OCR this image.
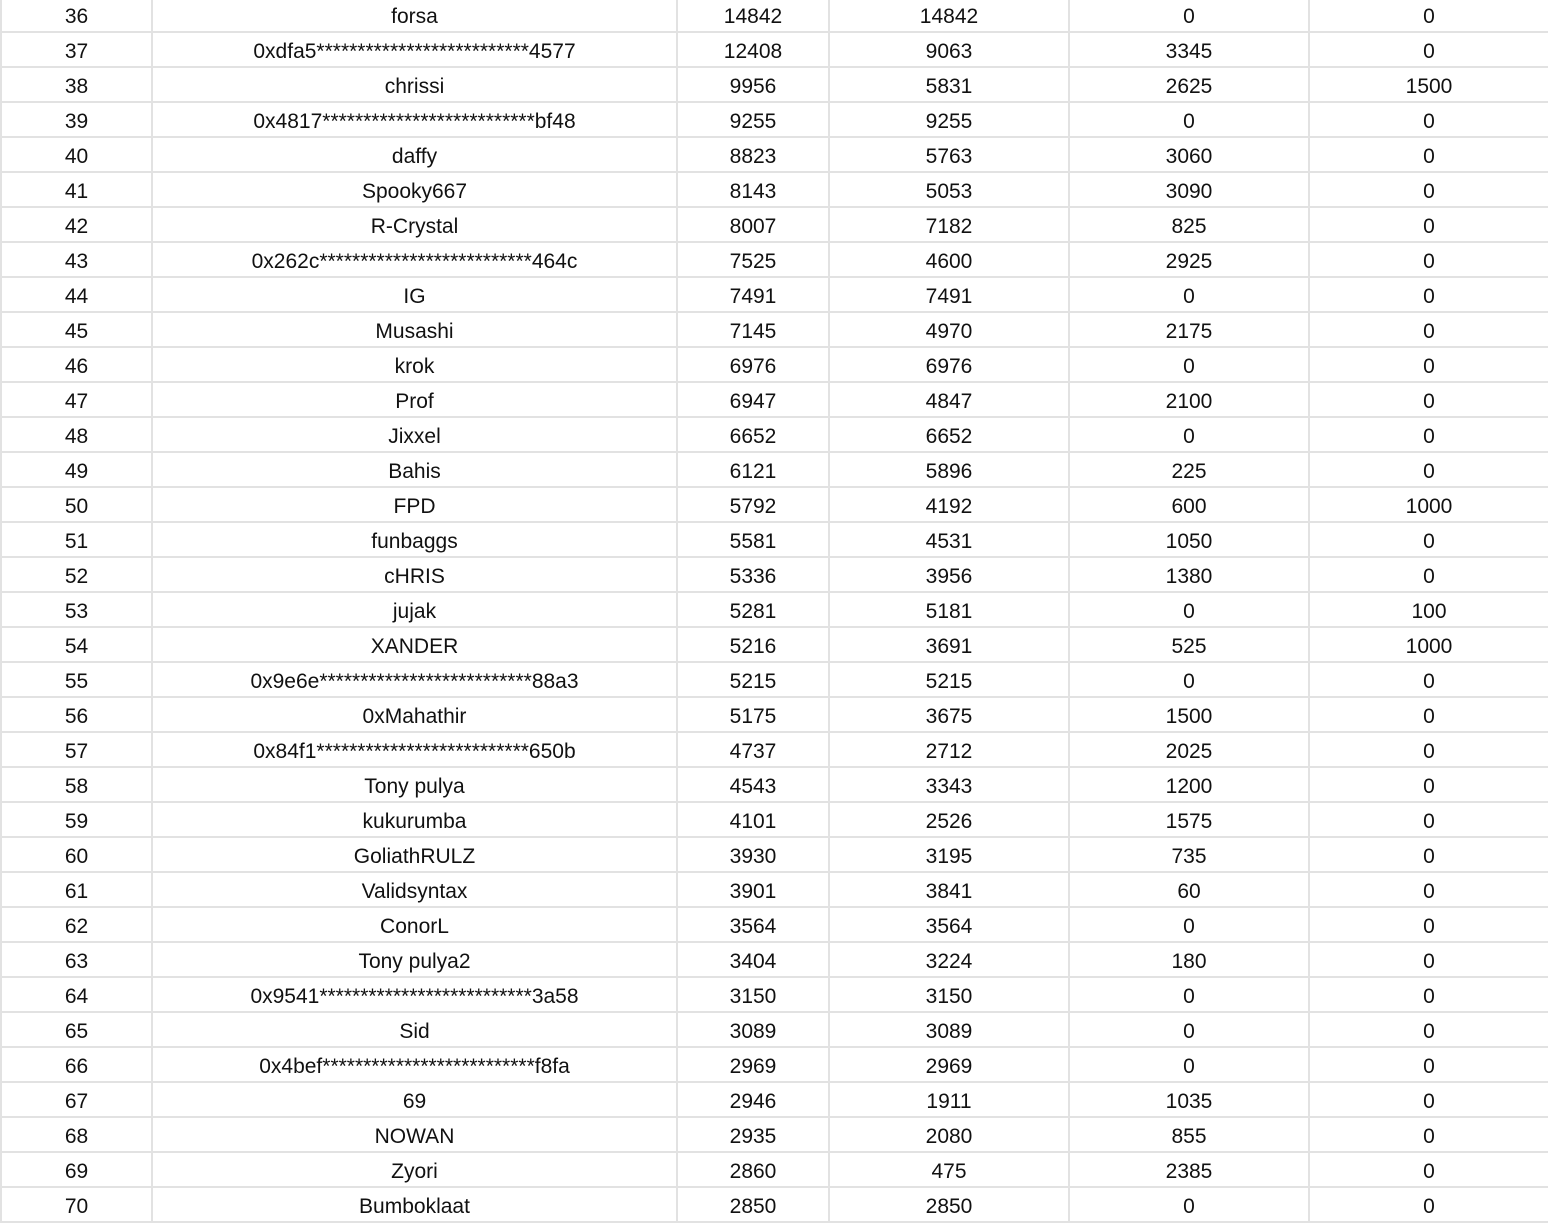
36	forsa	14842	14842	0	0
37	0xdfa5**************************4577	12408	9063	3345	0
38	chrissi	9956	5831	2625	1500
39	0x4817**************************bf48	9255	9255	0	0
40	daffy	8823	5763	3060	0
41	Spooky667	8143	5053	3090	0
42	R-Crystal	8007	7182	825	0
43	0x262c**************************464c	7525	4600	2925	0
44	IG	7491	7491	0	0
45	Musashi	7145	4970	2175	0
46	krok	6976	6976	0	0
47	Prof	6947	4847	2100	0
48	Jixxel	6652	6652	0	0
49	Bahis	6121	5896	225	0
50	FPD	5792	4192	600	1000
51	funbaggs	5581	4531	1050	0
52	cHRIS	5336	3956	1380	0
53	jujak	5281	5181	0	100
54	XANDER	5216	3691	525	1000
55	0x9e6e**************************88a3	5215	5215	0	0
56	0xMahathir	5175	3675	1500	0
57	0x84f1**************************650b	4737	2712	2025	0
58	Tony pulya	4543	3343	1200	0
59	kukurumba	4101	2526	1575	0
60	GoliathRULZ	3930	3195	735	0
61	Validsyntax	3901	3841	60	0
62	ConorL	3564	3564	0	0
63	Tony pulya2	3404	3224	180	0
64	0x9541**************************3a58	3150	3150	0	0
65	Sid	3089	3089	0	0
66	0x4bef**************************f8fa	2969	2969	0	0
67	69	2946	1911	1035	0
68	NOWAN	2935	2080	855	0
69	Zyori	2860	475	2385	0
70	Bumboklaat	2850	2850	0	0
